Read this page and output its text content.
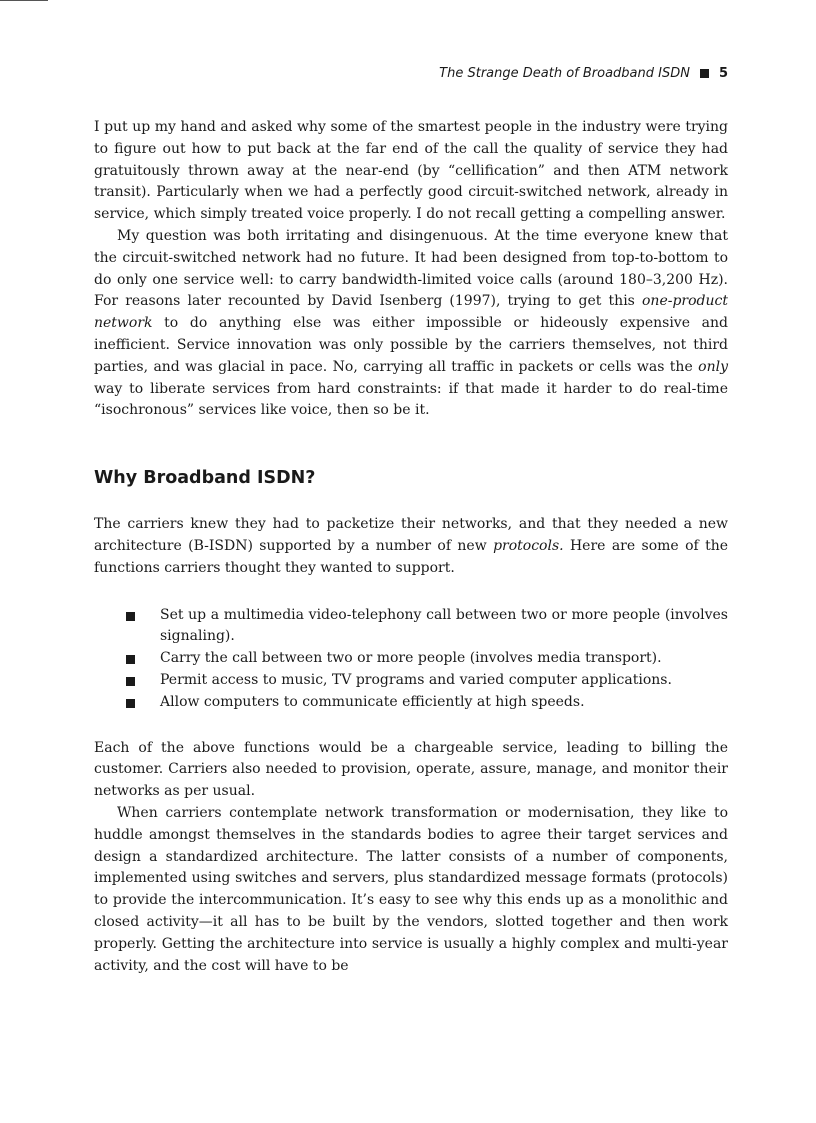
The Strange Death of Broadband ISDN 5

I put up my hand and asked why some of the smartest people in the industry were trying to figure out how to put back at the far end of the call the quality of service they had gratuitously thrown away at the near-end (by “cellification” and then ATM network transit). Particularly when we had a perfectly good circuit-switched network, already in service, which simply treated voice properly. I do not recall getting a compelling answer.

My question was both irritating and disingenuous. At the time everyone knew that the circuit-switched network had no future. It had been designed from top-to-bottom to do only one service well: to carry bandwidth-limited voice calls (around 180–3,200 Hz). For reasons later recounted by David Isenberg (1997), trying to get this one-product network to do anything else was either impossible or hideously expensive and inefficient. Service innovation was only possible by the carriers themselves, not third parties, and was glacial in pace. No, carrying all traffic in packets or cells was the only way to liberate services from hard constraints: if that made it harder to do real-time “isochronous” services like voice, then so be it.

Why Broadband ISDN?

The carriers knew they had to packetize their networks, and that they needed a new architecture (B-ISDN) supported by a number of new protocols. Here are some of the functions carriers thought they wanted to support.

Set up a multimedia video-telephony call between two or more people (involves signaling).
Carry the call between two or more people (involves media transport).
Permit access to music, TV programs and varied computer applications.
Allow computers to communicate efficiently at high speeds.

Each of the above functions would be a chargeable service, leading to billing the customer. Carriers also needed to provision, operate, assure, manage, and monitor their networks as per usual.

When carriers contemplate network transformation or modernisation, they like to huddle amongst themselves in the standards bodies to agree their target services and design a standardized architecture. The latter consists of a number of components, implemented using switches and servers, plus standardized message formats (protocols) to provide the intercommunication. It’s easy to see why this ends up as a monolithic and closed activity—it all has to be built by the vendors, slotted together and then work properly. Getting the architecture into service is usually a highly complex and multi-year activity, and the cost will have to be
